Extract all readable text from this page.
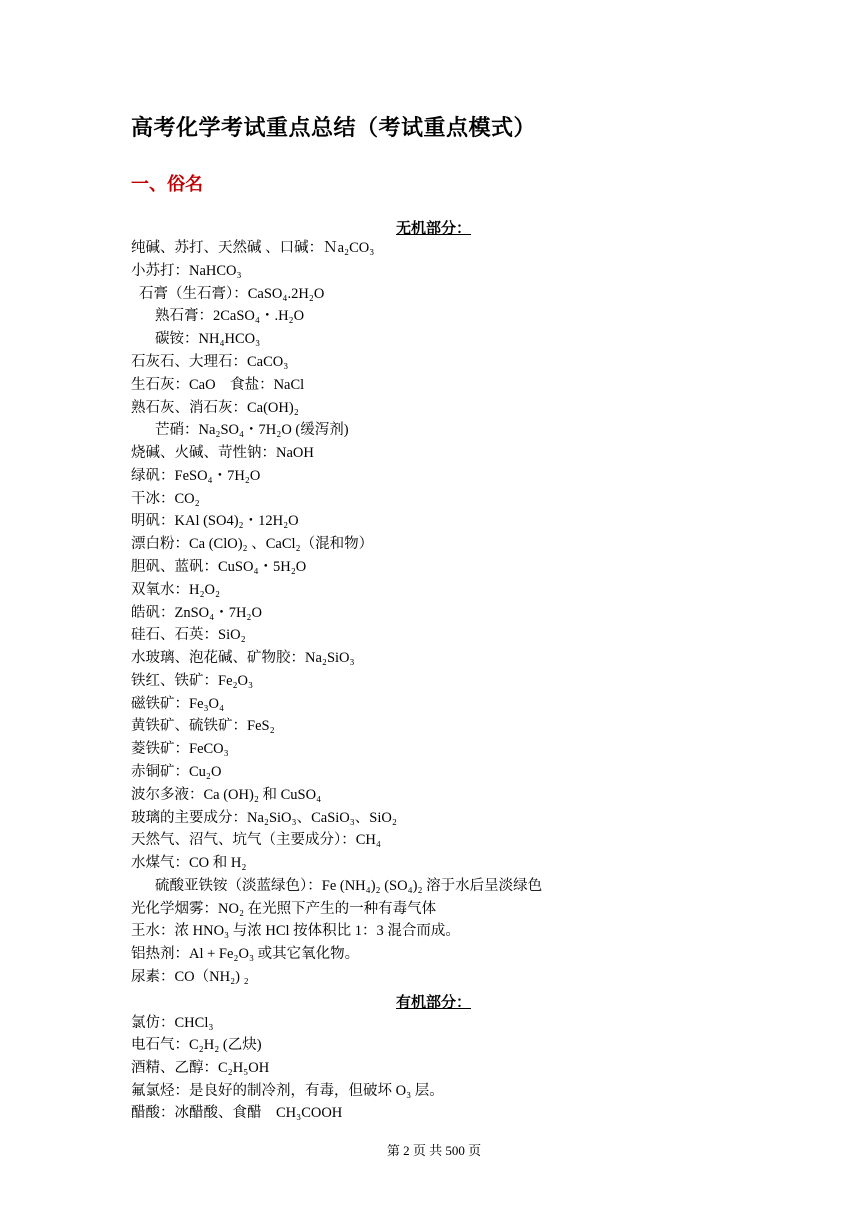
高考化学考试重点总结（考试重点模式）
一、俗名
无机部分：
纯碱、苏打、天然碱 、口碱：Ｎa₂CO₃
小苏打：NaHCO₃
石膏（生石膏）：CaSO₄.2H₂O
熟石膏：2CaSO₄・.H₂O
碳铵：NH₄HCO₃
石灰石、大理石：CaCO₃
生石灰：CaO　食盐：NaCl
熟石灰、消石灰：Ca(OH)₂
芒硝：Na₂SO₄・7H₂O (缓泻剂)
烧碱、火碱、苛性钠：NaOH
绿矾：FeSO₄・7H₂O
干冰：CO₂
明矾：KAl (SO4)₂・12H₂O
漂白粉：Ca (ClO)₂ 、CaCl₂（混和物）
胆矾、蓝矾：CuSO₄・5H₂O
双氧水：H₂O₂
皓矾：ZnSO₄・7H₂O
硅石、石英：SiO₂
水玻璃、泡花碱、矿物胶：Na₂SiO₃
铁红、铁矿：Fe₂O₃
磁铁矿：Fe₃O₄
黄铁矿、硫铁矿：FeS₂
菱铁矿：FeCO₃
赤铜矿：Cu₂O
波尔多液：Ca (OH)₂ 和 CuSO₄
玻璃的主要成分：Na₂SiO₃、CaSiO₃、SiO₂
天然气、沼气、坑气（主要成分）：CH₄
水煤气：CO 和 H₂
硫酸亚铁铵（淡蓝绿色）：Fe (NH₄)₂ (SO₄)₂ 溶于水后呈淡绿色
光化学烟雾：NO₂ 在光照下产生的一种有毒气体
王水：浓 HNO₃ 与浓 HCl 按体积比 1：3 混合而成。
铝热剂：Al + Fe₂O₃ 或其它氧化物。
尿素：CO（NH₂) ₂
有机部分：
氯仿：CHCl₃
电石气：C₂H₂ (乙炔)
酒精、乙醇：C₂H₅OH
氟氯烃：是良好的制冷剂，有毒，但破坏 O₃ 层。
醋酸：冰醋酸、食醋　CH₃COOH
第 2 页 共 500 页
